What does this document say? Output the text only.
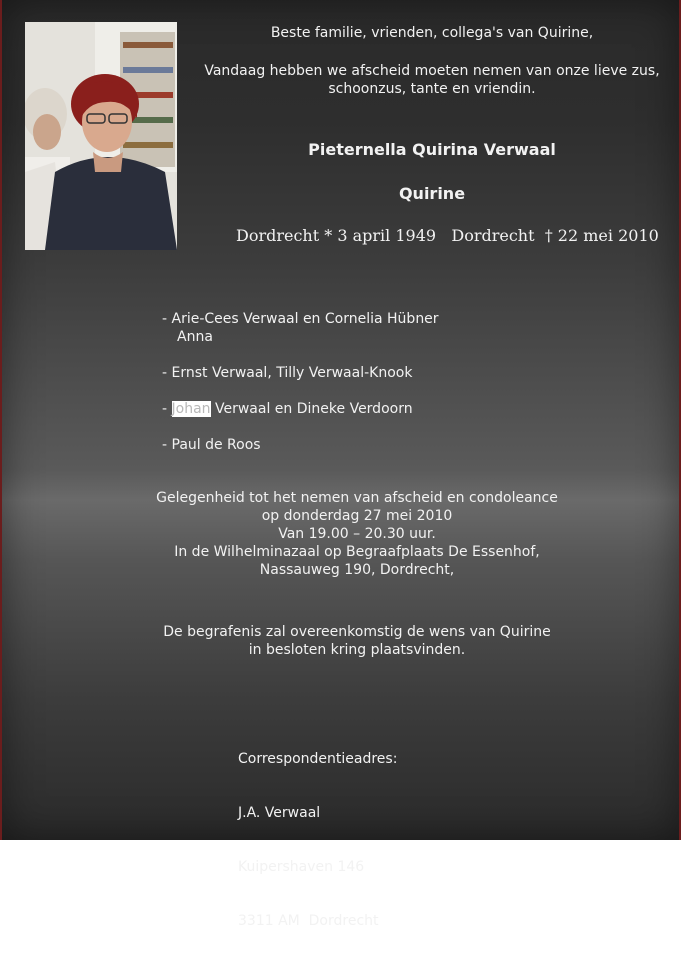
Beste familie, vrienden, collega's van Quirine,
Vandaag hebben we afscheid moeten nemen van onze lieve zus,
schoonzus, tante en vriendin.
Pieternella Quirina Verwaal
Quirine
Dordrecht * 3 april 1949 Dordrecht † 22 mei 2010
- Arie-Cees Verwaal en Cornelia Hübner
Anna
- Ernst Verwaal, Tilly Verwaal-Knook
- Johan Verwaal en Dineke Verdoorn
- Paul de Roos
Gelegenheid tot het nemen van afscheid en condoleance
op donderdag 27 mei 2010
Van 19.00 – 20.30 uur.
In de Wilhelminazaal op Begraafplaats De Essenhof,
Nassauweg 190, Dordrecht,
De begrafenis zal overeenkomstig de wens van Quirine
in besloten kring plaatsvinden.

Correspondentieadres:

J.A. Verwaal

Kuipershaven 146

3311 AM  Dordrecht
